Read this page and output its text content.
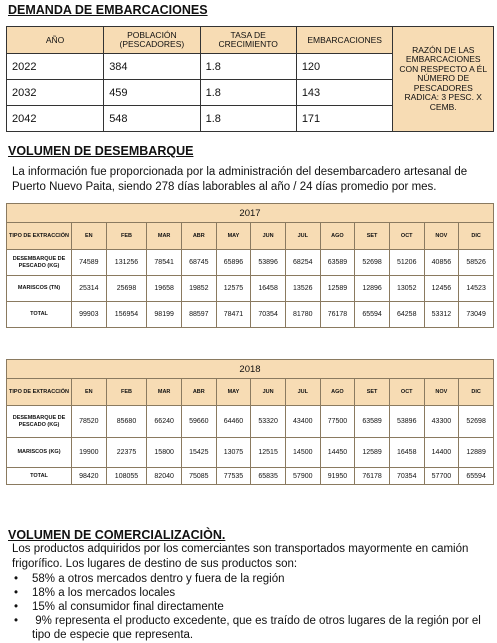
DEMANDA DE EMBARCACIONES
AÑO	POBLACIÓN (PESCADORES)	TASA DE CRECIMIENTO	EMBARCACIONES	RAZÓN DE LAS EMBARCACIONES CON RESPECTO A ÉL NÚMERO DE PESCADORES RADICA: 3 PESC. X CEMB.
2022	384	1.8	120	
2032	459	1.8	143	
2042	548	1.8	171	
VOLUMEN DE DESEMBARQUE
La información fue proporcionada por la administración del desembarcadero artesanal de Puerto Nuevo Paita, siendo 278 días laborables al año / 24 días promedio por mes.
2017												
TIPO DE EXTRACCIÓN	EN	FEB	MAR	ABR	MAY	JUN	JUL	AGO	SET	OCT	NOV	DIC
DESEMBARQUE DE PESCADO (KG)	74589	131256	78541	68745	65896	53896	68254	63589	52698	51206	40856	58526
MARISCOS (TN)	25314	25698	19658	19852	12575	16458	13526	12589	12896	13052	12456	14523
TOTAL	99903	156954	98199	88597	78471	70354	81780	76178	65594	64258	53312	73049
2018												
TIPO DE EXTRACCIÓN	EN	FEB	MAR	ABR	MAY	JUN	JUL	AGO	SET	OCT	NOV	DIC
DESEMBARQUE DE PESCADO (KG)	78520	85680	66240	59660	64460	53320	43400	77500	63589	53896	43300	52698
MARISCOS (KG)	19900	22375	15800	15425	13075	12515	14500	14450	12589	16458	14400	12889
TOTAL	98420	108055	82040	75085	77535	65835	57900	91950	76178	70354	57700	65594
VOLUMEN DE COMERCIALIZACIÒN.
Los productos adquiridos por los comerciantes son transportados mayormente en camión frigorífico. Los lugares de destino de sus productos son:
• 58% a otros mercados dentro y fuera de la región
• 18% a los mercados locales
• 15% al consumidor final directamente
• 9% representa el producto excedente, que es traído de otros lugares de la región por el tipo de especie que representa.
